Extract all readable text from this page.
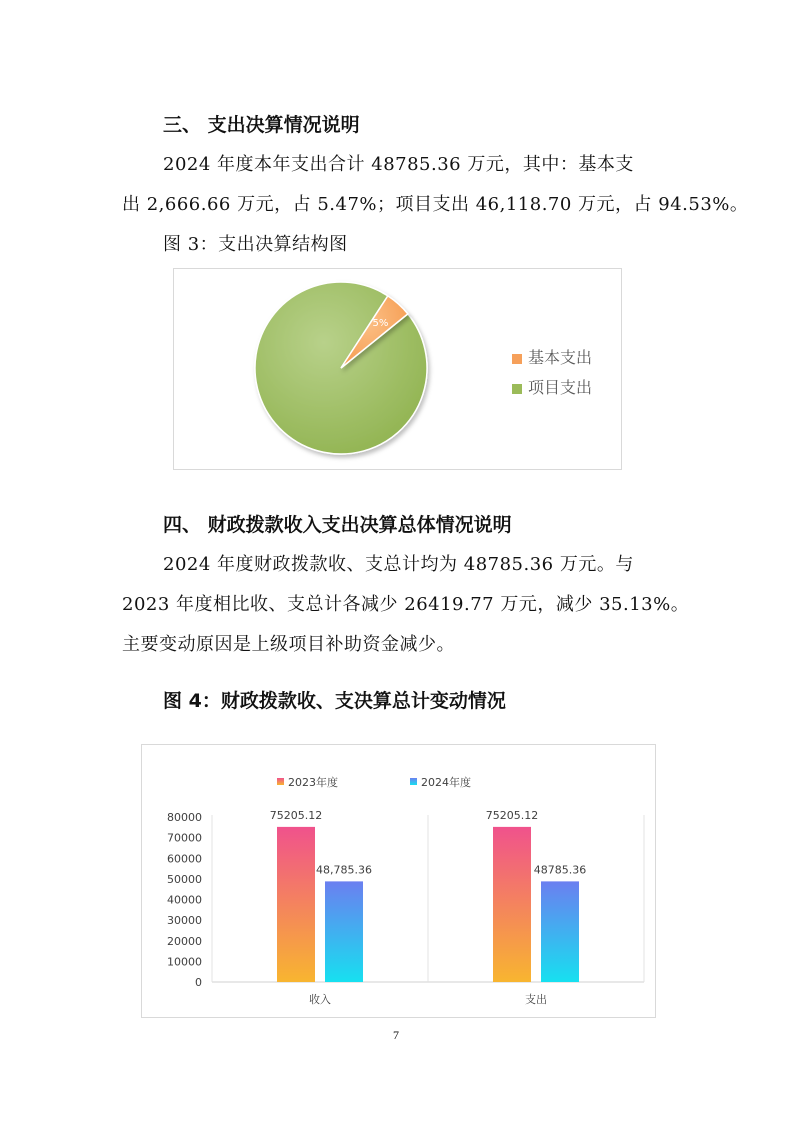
三、 支出决算情况说明
2024 年度本年支出合计 48785.36 万元，其中：基本支
出 2,666.66 万元，占 5.47%；项目支出 46,118.70 万元，占 94.53%。
图 3：支出决算结构图
5%
95%
基本支出
项目支出
四、 财政拨款收入支出决算总体情况说明
2024 年度财政拨款收、支总计均为 48785.36 万元。与
2023 年度相比收、支总计各减少 26419.77 万元，减少 35.13%。
主要变动原因是上级项目补助资金减少。
图 4：财政拨款收、支决算总计变动情况
2023年度	2024年度
80000
70000
60000
50000
40000
30000
20000
10000
0
收入	支出
75205.12
48,785.36
75205.12
48785.36
7
